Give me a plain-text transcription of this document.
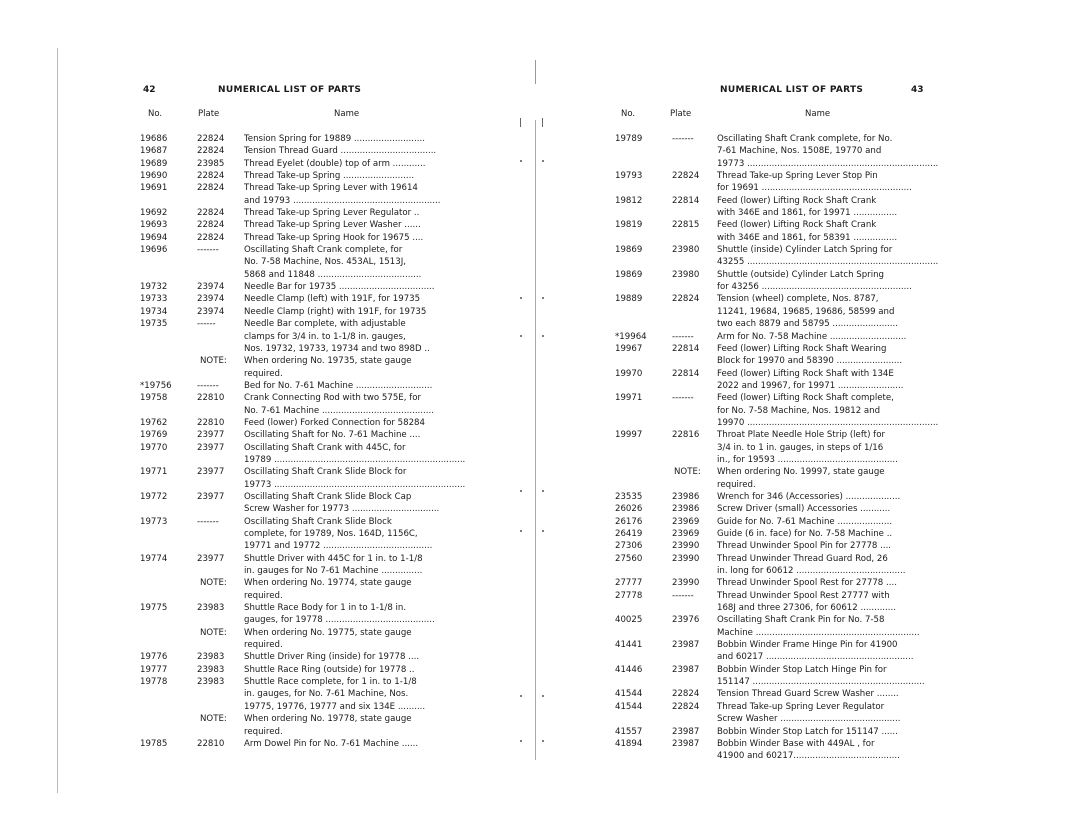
42	NUMERICAL LIST OF PARTS
No.	Plate	Name
19686	22824 Tension Spring for 19889 ..........................
19687	22824 Tension Thread Guard ...................................
19689	23985 Thread Eyelet (double) top of arm ............
19690	22824 Thread Take-up Spring ..........................
19691	22824 Thread Take-up Spring Lever with 19614
and 19793 ......................................................
19692	22824 Thread Take-up Spring Lever Regulator ..
19693	22824 Thread Take-up Spring Lever Washer ......
19694	22824 Thread Take-up Spring Hook for 19675 ....
19696	-------	Oscillating Shaft Crank complete, for
No. 7-58 Machine, Nos. 453AL, 1513J,
5868 and 11848 ......................................
19732	23974 Needle Bar for 19735 ...................................
19733	23974 Needle Clamp (left) with 191F, for 19735
19734	23974 Needle Clamp (right) with 191F, for 19735
19735	------	Needle Bar complete, with adjustable
clamps for 3/4 in. to 1-1/8 in. gauges,
Nos. 19732, 19733, 19734 and two 898D ..
NOTE: When ordering No. 19735, state gauge
required.
*19756	-------	Bed for No. 7-61 Machine ............................
19758	22810 Crank Connecting Rod with two 575E, for
No. 7-61 Machine .........................................
19762	22810 Feed (lower) Forked Connection for 58284
19769	23977 Oscillating Shaft for No. 7-61 Machine ....
19770	23977 Oscillating Shaft Crank with 445C, for
19789 ......................................................................
19771	23977 Oscillating Shaft Crank Slide Block for
19773 ......................................................................
19772	23977 Oscillating Shaft Crank Slide Block Cap
Screw Washer for 19773 ................................
19773	-------	Oscillating Shaft Crank Slide Block
complete, for 19789, Nos. 164D, 1156C,
19771 and 19772 ........................................
19774	23977 Shuttle Driver with 445C for 1 in. to 1-1/8
in. gauges for No 7-61 Machine ...............
NOTE: When ordering No. 19774, state gauge
required.
19775	23983 Shuttle Race Body for 1 in to 1-1/8 in.
gauges, for 19778 ........................................
NOTE: When ordering No. 19775, state gauge
required.
19776	23983 Shuttle Driver Ring (inside) for 19778 ....
19777	23983 Shuttle Race Ring (outside) for 19778 ..
19778	23983 Shuttle Race complete, for 1 in. to 1-1/8
in. gauges, for No. 7-61 Machine, Nos.
19775, 19776, 19777 and six 134E ..........
NOTE: When ordering No. 19778, state gauge
required.
19785	22810 Arm Dowel Pin for No. 7-61 Machine ......
NUMERICAL LIST OF PARTS	43
No.	Plate	Name
19789	-------	Oscillating Shaft Crank complete, for No.
7-61 Machine, Nos. 1508E, 19770 and
19773 ......................................................................
19793	22824 Thread Take-up Spring Lever Stop Pin
for 19691 .......................................................
19812	22814 Feed (lower) Lifting Rock Shaft Crank
with 346E and 1861, for 19971 ................
19819	22815 Feed (lower) Lifting Rock Shaft Crank
with 346E and 1861, for 58391 ................
19869	23980 Shuttle (inside) Cylinder Latch Spring for
43255 ......................................................................
19869	23980 Shuttle (outside) Cylinder Latch Spring
for 43256 .......................................................
19889	22824 Tension (wheel) complete, Nos. 8787,
11241, 19684, 19685, 19686, 58599 and
two each 8879 and 58795 ........................
*19964	-------	Arm for No. 7-58 Machine ............................
19967	22814 Feed (lower) Lifting Rock Shaft Wearing
Block for 19970 and 58390 ........................
19970	22814 Feed (lower) Lifting Rock Shaft with 134E
2022 and 19967, for 19971 ........................
19971	-------	Feed (lower) Lifting Rock Shaft complete,
for No. 7-58 Machine, Nos. 19812 and
19970 ......................................................................
19997	22816 Throat Plate Needle Hole Strip (left) for
3/4 in. to 1 in. gauges, in steps of 1/16
in., for 19593 ............................................
NOTE: When ordering No. 19997, state gauge
required.
23535	23986 Wrench for 346 (Accessories) ....................
26026	23986 Screw Driver (small) Accessories ...........
26176	23969 Guide for No. 7-61 Machine ....................
26419	23969 Guide (6 in. face) for No. 7-58 Machine ..
27306	23990 Thread Unwinder Spool Pin for 27778 ....
27560	23990 Thread Unwinder Thread Guard Rod, 26
in. long for 60612 ........................................
27777	23990 Thread Unwinder Spool Rest for 27778 ....
27778	-------	Thread Unwinder Spool Rest 27777 with
168J and three 27306, for 60612 .............
40025	23976 Oscillating Shaft Crank Pin for No. 7-58
Machine ............................................................
41441	23987 Bobbin Winder Frame Hinge Pin for 41900
and 60217 ......................................................
41446	23987 Bobbin Winder Stop Latch Hinge Pin for
151147 ...............................................................
41544	22824 Tension Thread Guard Screw Washer ........
41544	22824 Thread Take-up Spring Lever Regulator
Screw Washer ............................................
41557	23987 Bobbin Winder Stop Latch for 151147 ......
41894	23987 Bobbin Winder Base with 449AL , for
41900 and 60217.......................................
